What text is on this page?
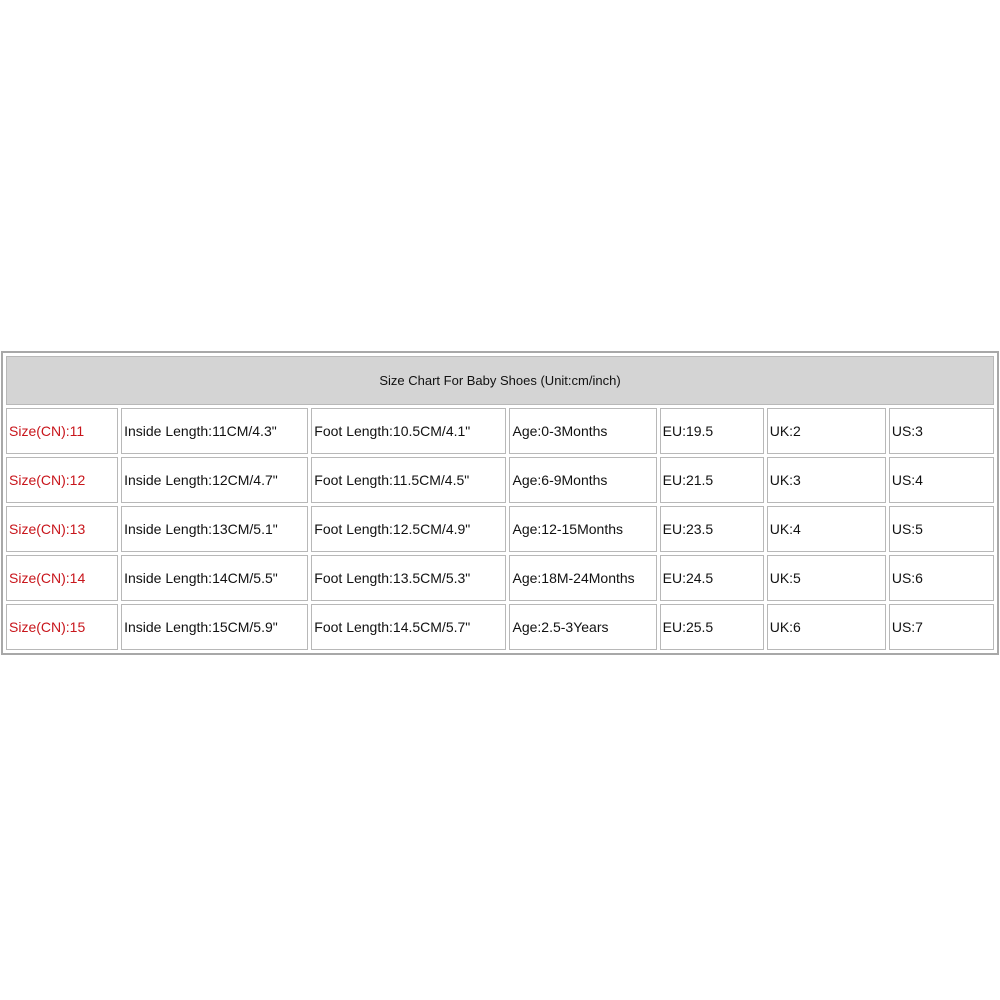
Size Chart For Baby Shoes (Unit:cm/inch)						
Size(CN):11	Inside Length:11CM/4.3"	Foot Length:10.5CM/4.1"	Age:0-3Months	EU:19.5	UK:2	US:3
Size(CN):12	Inside Length:12CM/4.7"	Foot Length:11.5CM/4.5"	Age:6-9Months	EU:21.5	UK:3	US:4
Size(CN):13	Inside Length:13CM/5.1"	Foot Length:12.5CM/4.9"	Age:12-15Months	EU:23.5	UK:4	US:5
Size(CN):14	Inside Length:14CM/5.5"	Foot Length:13.5CM/5.3"	Age:18M-24Months	EU:24.5	UK:5	US:6
Size(CN):15	Inside Length:15CM/5.9"	Foot Length:14.5CM/5.7"	Age:2.5-3Years	EU:25.5	UK:6	US:7
